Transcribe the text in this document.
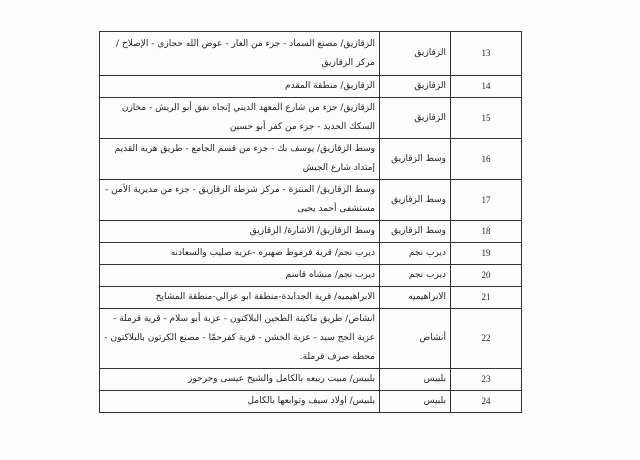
13	الزقازيق	الزقازيق/ مصنع السماد - جزء من الغار - عوض الله حجازي - الإصلاح / مركز الزقازيق
14	الزقازيق	الزقازيق/ منطقة المقدم
15	الزقازيق	الزقازيق/ جزء من شارع المعهد الديني إتجاه نفق أبو الريش - مخازن السكك الحديد - جزء من كفر أبو حسين
16	وسط الزقازيق	وسط الزقازيق/ يوسف بك - جزء من قسم الجامع - طريق هريه القديم إمتداد شارع الجيش
17	وسط الزقازيق	وسط الزقازيق/ المنتزة - مركز شرطة الزقازيق - جزء من مديرية الأمن - مستشفى أحمد يحيى
18	وسط الزقازيق	وسط الزقازيق/ الاشارة/ الزقازيق
19	ديرب نجم	ديرب نجم/ قرية قرموط صهبره -عزبه صليب والسعادنه
20	ديرب نجم	ديرب نجم/ منشاه قاسم
21	الابراهيميه	الابراهيميه/ قرية الجدايدة-منطقة ابو عزالي-منطقة المشايخ
22	أنشاص	انشاص/ طريق ماكينة الطحين البلاكتون - عزبة أبو سلام - قرية قرملة - عزبة الحج سيد - عزبة الخشن - قرية كفرحمّا - مصنع الكرتون بالبلاكتون - محطة صرف قرملة.
23	بلبيس	بلبيس/ مبيت ربيعه بالكامل والشيخ عيسى وحرحور
24	بلبيس	بلبيس/ اولاد سيف وتوابعها بالكامل
